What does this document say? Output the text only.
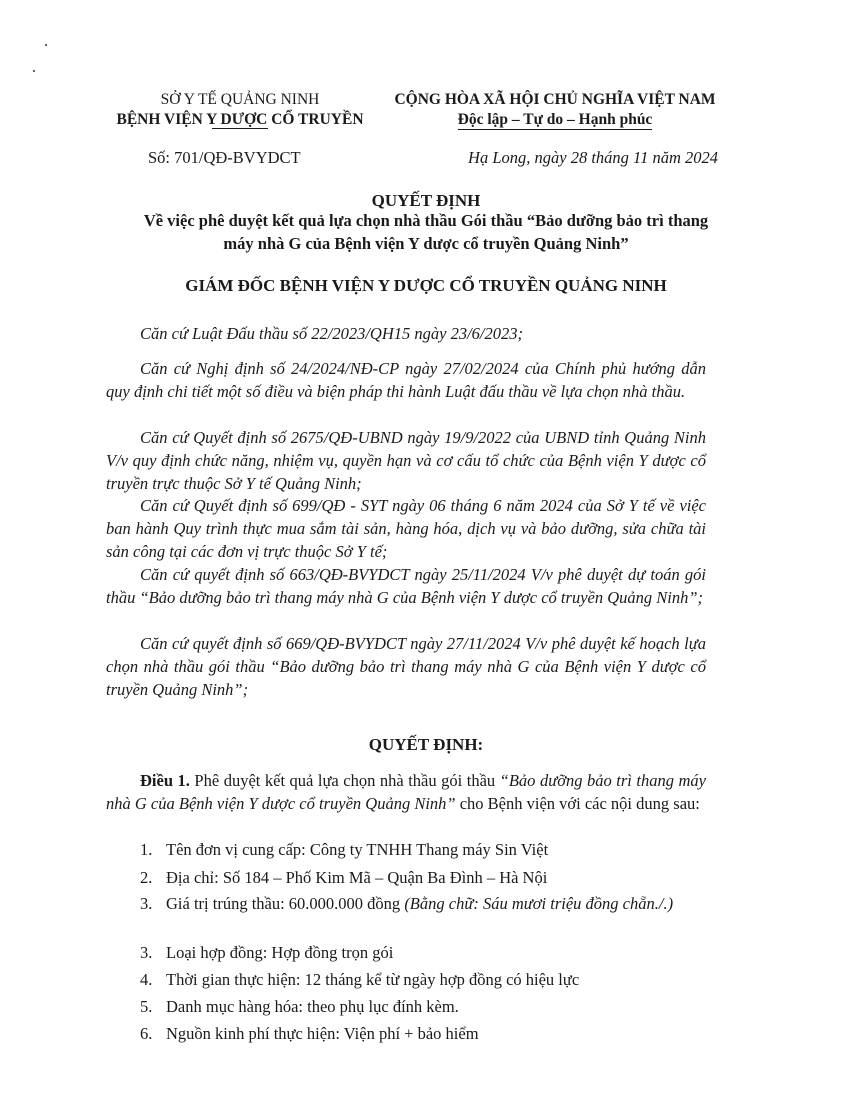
SỞ Y TẾ QUẢNG NINH
BỆNH VIỆN Y DƯỢC CỔ TRUYỀN
CỘNG HÒA XÃ HỘI CHỦ NGHĨA VIỆT NAM
Độc lập – Tự do – Hạnh phúc
Số: 701/QĐ-BVYDCT	Hạ Long, ngày 28 tháng 11 năm 2024
QUYẾT ĐỊNH
Về việc phê duyệt kết quả lựa chọn nhà thầu Gói thầu “Bảo dưỡng bảo trì thang
máy nhà G của Bệnh viện Y dược cổ truyền Quảng Ninh”
GIÁM ĐỐC BỆNH VIỆN Y DƯỢC CỔ TRUYỀN QUẢNG NINH
Căn cứ Luật Đấu thầu số 22/2023/QH15 ngày 23/6/2023;
Căn cứ Nghị định số 24/2024/NĐ-CP ngày 27/02/2024 của Chính phủ hướng dẫn quy định chi tiết một số điều và biện pháp thi hành Luật đấu thầu về lựa chọn nhà thầu.
Căn cứ Quyết định số 2675/QĐ-UBND ngày 19/9/2022 của UBND tỉnh Quảng Ninh V/v quy định chức năng, nhiệm vụ, quyền hạn và cơ cấu tổ chức của Bệnh viện Y dược cổ truyền trực thuộc Sở Y tế Quảng Ninh;
Căn cứ Quyết định số 699/QĐ - SYT ngày 06 tháng 6 năm 2024 của Sở Y tế về việc ban hành Quy trình thực mua sắm tài sản, hàng hóa, dịch vụ và bảo dưỡng, sửa chữa tài sản công tại các đơn vị trực thuộc Sở Y tế;
Căn cứ quyết định số 663/QĐ-BVYDCT ngày 25/11/2024 V/v phê duyệt dự toán gói thầu “Bảo dưỡng bảo trì thang máy nhà G của Bệnh viện Y dược cổ truyền Quảng Ninh”;
Căn cứ quyết định số 669/QĐ-BVYDCT ngày 27/11/2024 V/v phê duyệt kế hoạch lựa chọn nhà thầu gói thầu “Bảo dưỡng bảo trì thang máy nhà G của Bệnh viện Y dược cổ truyền Quảng Ninh”;
QUYẾT ĐỊNH:
Điều 1. Phê duyệt kết quả lựa chọn nhà thầu gói thầu “Bảo dưỡng bảo trì thang máy nhà G của Bệnh viện Y dược cổ truyền Quảng Ninh” cho Bệnh viện với các nội dung sau:
1. Tên đơn vị cung cấp: Công ty TNHH Thang máy Sin Việt
2. Địa chỉ: Số 184 – Phố Kim Mã – Quận Ba Đình – Hà Nội
3. Giá trị trúng thầu: 60.000.000 đồng (Bằng chữ: Sáu mươi triệu đồng chẵn./.)
3. Loại hợp đồng: Hợp đồng trọn gói
4. Thời gian thực hiện: 12 tháng kể từ ngày hợp đồng có hiệu lực
5. Danh mục hàng hóa: theo phụ lục đính kèm.
6. Nguồn kinh phí thực hiện: Viện phí + bảo hiểm
